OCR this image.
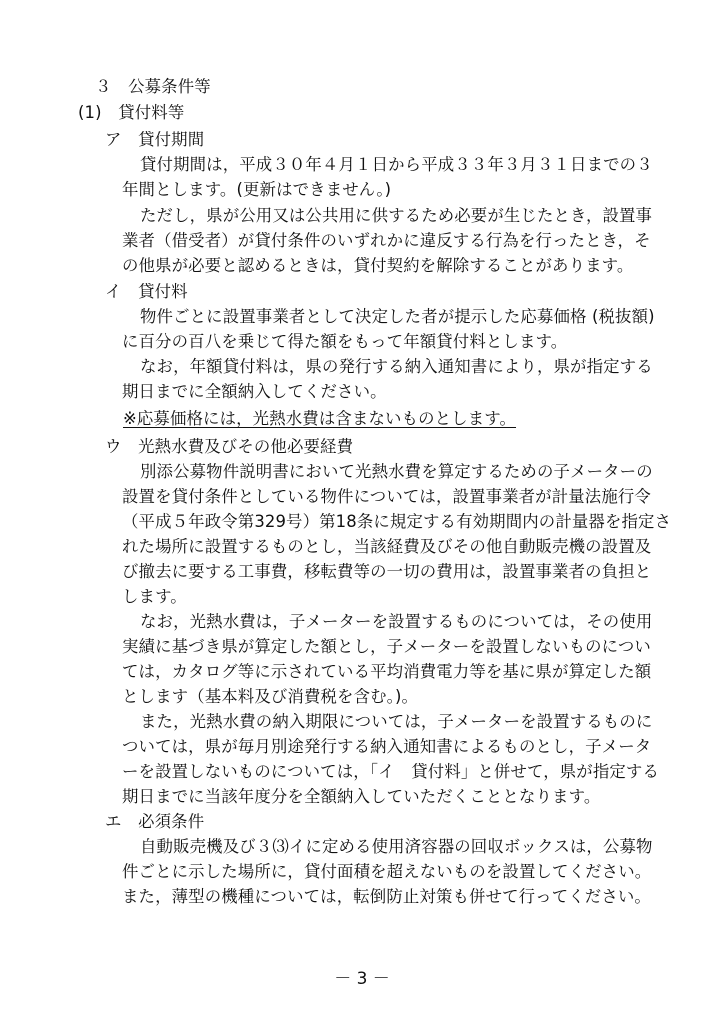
３　公募条件等
(1)　貸付料等
ア　貸付期間
貸付期間は，平成３０年４月１日から平成３３年３月３１日までの３
年間とします。(更新はできません。)
ただし，県が公用又は公共用に供するため必要が生じたとき，設置事
業者（借受者）が貸付条件のいずれかに違反する行為を行ったとき，そ
の他県が必要と認めるときは，貸付契約を解除することがあります。
イ　貸付料
物件ごとに設置事業者として決定した者が提示した応募価格 (税抜額)
に百分の百八を乗じて得た額をもって年額貸付料とします。
なお，年額貸付料は，県の発行する納入通知書により，県が指定する
期日までに全額納入してください。
※応募価格には，光熱水費は含まないものとします。
ウ　光熱水費及びその他必要経費
別添公募物件説明書において光熱水費を算定するための子メーターの
設置を貸付条件としている物件については，設置事業者が計量法施行令
（平成５年政令第329号）第18条に規定する有効期間内の計量器を指定さ
れた場所に設置するものとし，当該経費及びその他自動販売機の設置及
び撤去に要する工事費，移転費等の一切の費用は，設置事業者の負担と
します。
なお，光熱水費は，子メーターを設置するものについては，その使用
実績に基づき県が算定した額とし，子メーターを設置しないものについ
ては，カタログ等に示されている平均消費電力等を基に県が算定した額
とします（基本料及び消費税を含む。)。
また，光熱水費の納入期限については，子メーターを設置するものに
ついては，県が毎月別途発行する納入通知書によるものとし，子メータ
ーを設置しないものについては，「イ　貸付料」と併せて，県が指定する
期日までに当該年度分を全額納入していただくこととなります。
エ　必須条件
自動販売機及び３⑶イに定める使用済容器の回収ボックスは，公募物
件ごとに示した場所に，貸付面積を超えないものを設置してください。
また，薄型の機種については，転倒防止対策も併せて行ってください。
－ 3 －
